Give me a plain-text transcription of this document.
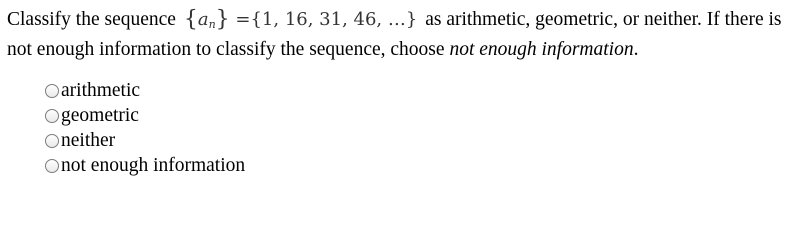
Classify the sequence $\{a_n\} =\{1$, 16, 31, 46, …} as arithmetic, geometric, or neither. If there is
not enough information to classify the sequence, choose not enough information.
arithmetic
geometric
neither
not enough information
